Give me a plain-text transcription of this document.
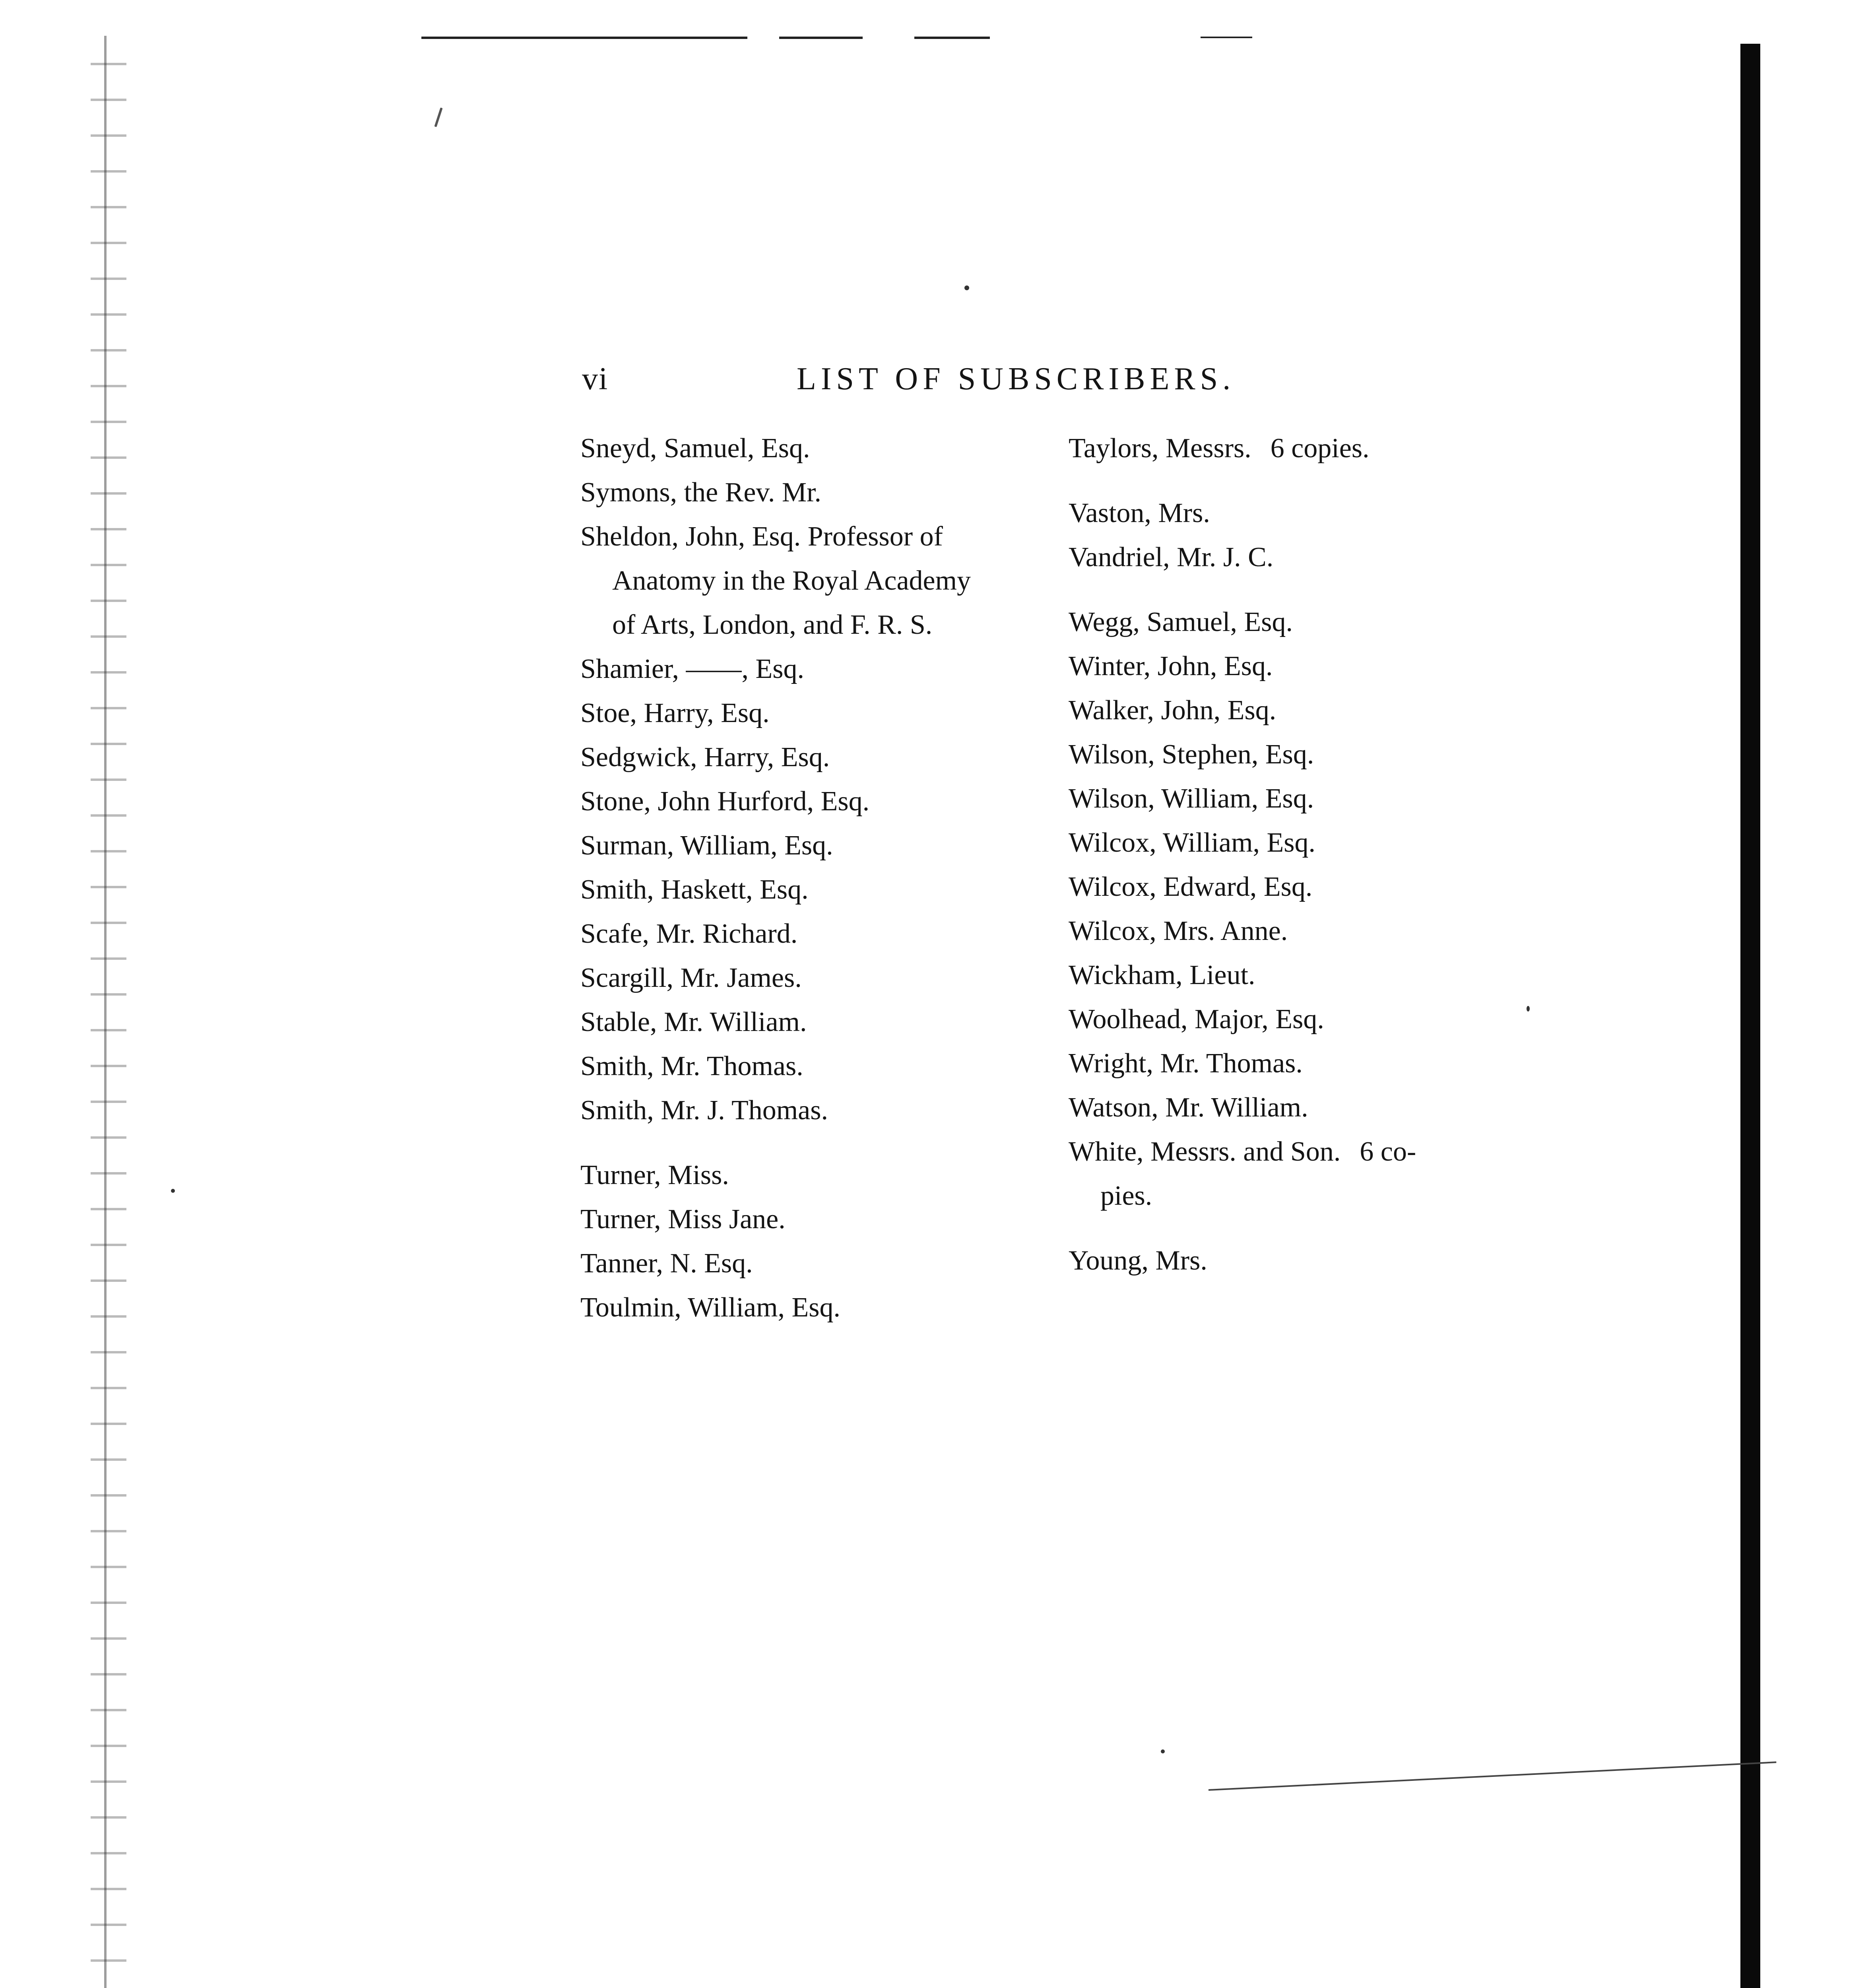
vi	LIST OF SUBSCRIBERS.
Sneyd, Samuel, Esq.
Symons, the Rev. Mr.
Sheldon, John, Esq. Professor of
Anatomy in the Royal Academy
of Arts, London, and F. R. S.
Shamier, ——, Esq.
Stoe, Harry, Esq.
Sedgwick, Harry, Esq.
Stone, John Hurford, Esq.
Surman, William, Esq.
Smith, Haskett, Esq.
Scafe, Mr. Richard.
Scargill, Mr. James.
Stable, Mr. William.
Smith, Mr. Thomas.
Smith, Mr. J. Thomas.
Turner, Miss.
Turner, Miss Jane.
Tanner, N. Esq.
Toulmin, William, Esq.
Taylors, Messrs. 6 copies.
Vaston, Mrs.
Vandriel, Mr. J. C.
Wegg, Samuel, Esq.
Winter, John, Esq.
Walker, John, Esq.
Wilson, Stephen, Esq.
Wilson, William, Esq.
Wilcox, William, Esq.
Wilcox, Edward, Esq.
Wilcox, Mrs. Anne.
Wickham, Lieut.
Woolhead, Major, Esq.
Wright, Mr. Thomas.
Watson, Mr. William.
White, Messrs. and Son. 6 co-
pies.
Young, Mrs.
